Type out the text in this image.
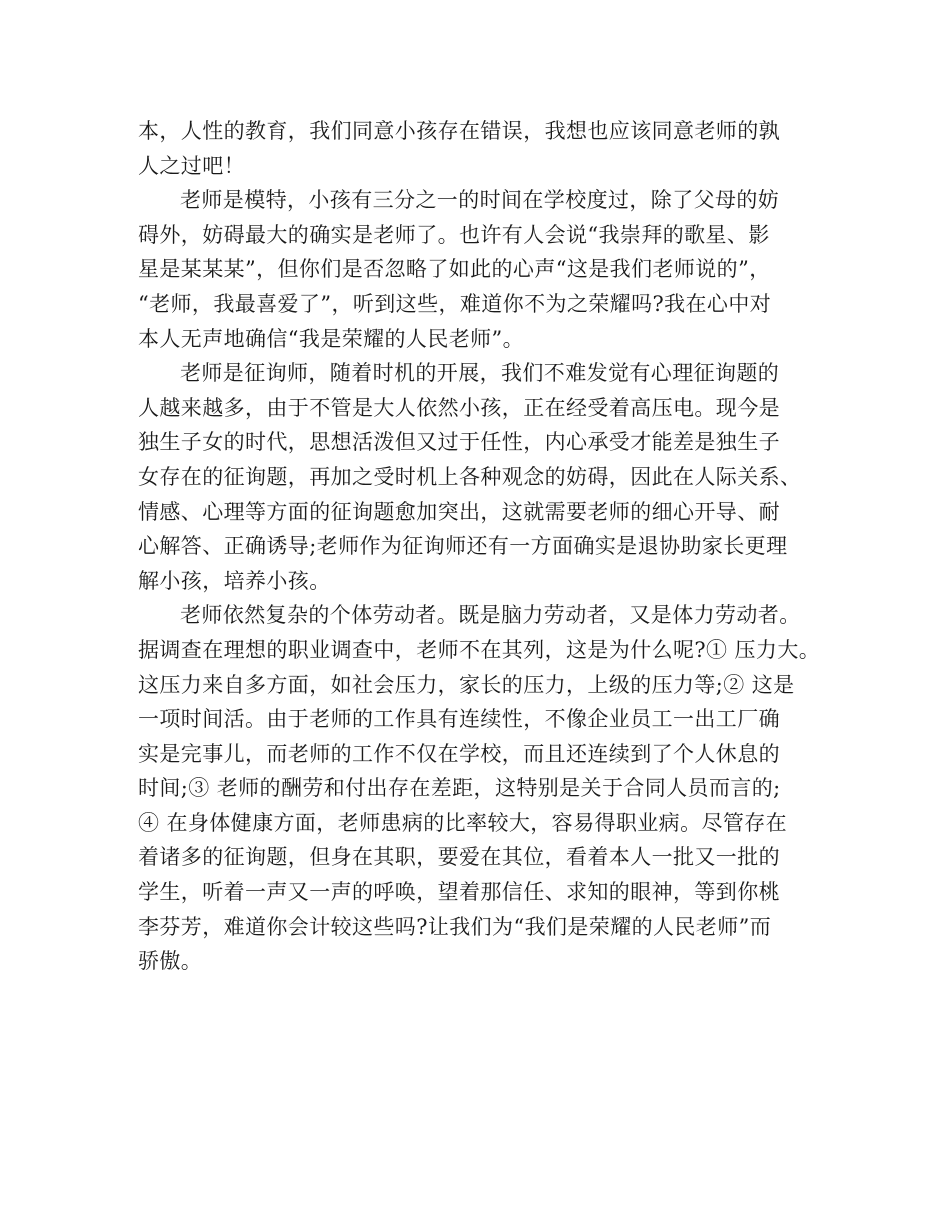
本，人性的教育，我们同意小孩存在错误，我想也应该同意老师的孰
人之过吧！
老师是模特，小孩有三分之一的时间在学校度过，除了父母的妨
碍外，妨碍最大的确实是老师了。也许有人会说“我崇拜的歌星、影
星是某某某”，但你们是否忽略了如此的心声“这是我们老师说的”，
“老师，我最喜爱了”，听到这些，难道你不为之荣耀吗?我在心中对
本人无声地确信“我是荣耀的人民老师”。
老师是征询师，随着时机的开展，我们不难发觉有心理征询题的
人越来越多，由于不管是大人依然小孩，正在经受着高压电。现今是
独生子女的时代，思想活泼但又过于任性，内心承受才能差是独生子
女存在的征询题，再加之受时机上各种观念的妨碍，因此在人际关系、
情感、心理等方面的征询题愈加突出，这就需要老师的细心开导、耐
心解答、正确诱导;老师作为征询师还有一方面确实是退协助家长更理
解小孩，培养小孩。
老师依然复杂的个体劳动者。既是脑力劳动者，又是体力劳动者。
据调查在理想的职业调查中，老师不在其列，这是为什么呢?① 压力大。
这压力来自多方面，如社会压力，家长的压力，上级的压力等;② 这是
一项时间活。由于老师的工作具有连续性，不像企业员工一出工厂确
实是完事儿，而老师的工作不仅在学校，而且还连续到了个人休息的
时间;③ 老师的酬劳和付出存在差距，这特别是关于合同人员而言的;
④ 在身体健康方面，老师患病的比率较大，容易得职业病。尽管存在
着诸多的征询题，但身在其职，要爱在其位，看着本人一批又一批的
学生，听着一声又一声的呼唤，望着那信任、求知的眼神，等到你桃
李芬芳，难道你会计较这些吗?让我们为“我们是荣耀的人民老师”而
骄傲。
